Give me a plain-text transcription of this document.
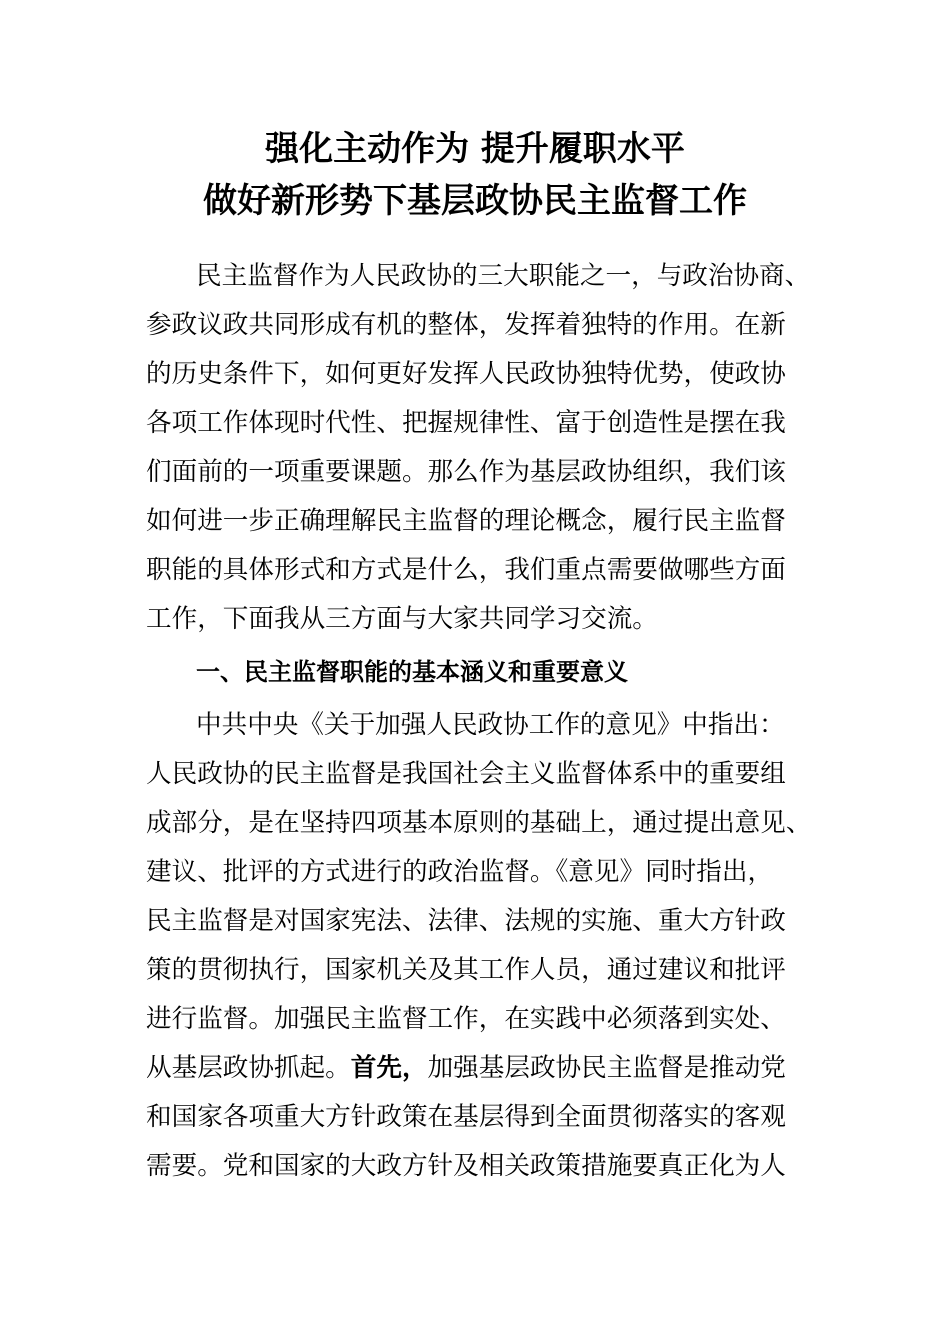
强化主动作为 提升履职水平
做好新形势下基层政协民主监督工作
民主监督作为人民政协的三大职能之一，与政治协商、
参政议政共同形成有机的整体，发挥着独特的作用。在新
的历史条件下，如何更好发挥人民政协独特优势，使政协
各项工作体现时代性、把握规律性、富于创造性是摆在我
们面前的一项重要课题。那么作为基层政协组织，我们该
如何进一步正确理解民主监督的理论概念，履行民主监督
职能的具体形式和方式是什么，我们重点需要做哪些方面
工作，下面我从三方面与大家共同学习交流。
一、民主监督职能的基本涵义和重要意义
中共中央《关于加强人民政协工作的意见》中指出：
人民政协的民主监督是我国社会主义监督体系中的重要组
成部分，是在坚持四项基本原则的基础上，通过提出意见、
建议、批评的方式进行的政治监督。《意见》同时指出，
民主监督是对国家宪法、法律、法规的实施、重大方针政
策的贯彻执行，国家机关及其工作人员，通过建议和批评
进行监督。加强民主监督工作，在实践中必须落到实处、
从基层政协抓起。首先，加强基层政协民主监督是推动党
和国家各项重大方针政策在基层得到全面贯彻落实的客观
需要。党和国家的大政方针及相关政策措施要真正化为人
